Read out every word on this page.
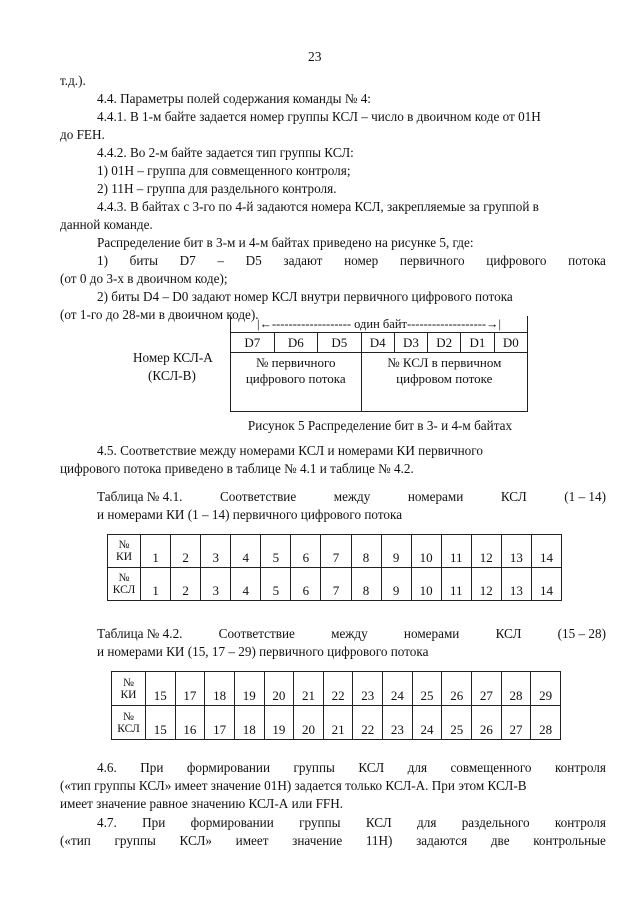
23
т.д.).
4.4. Параметры полей содержания команды № 4:
4.4.1. В 1-м байте задается номер группы КСЛ – число в двоичном коде от 01Н
до FEH.
4.4.2. Во 2-м байте задается тип группы КСЛ:
1) 01Н – группа для совмещенного контроля;
2) 11Н – группа для раздельного контроля.
4.4.3. В байтах с 3-го по 4-й задаются номера КСЛ, закрепляемые за группой в
данной команде.
Распределение бит в 3-м и 4-м байтах приведено на рисунке 5, где:
1) биты D7 – D5 задают номер первичного цифрового потока
(от 0 до 3-х в двоичном коде);
2) биты D4 – D0 задают номер КСЛ внутри первичного цифрового потока
(от 1-го до 28-ми в двоичном коде).
Номер КСЛ-А
(КСЛ-В)
|←------------------- один байт-------------------→|							
D7	D6	D5	D4	D3	D2	D1	D0
№ первичного цифрового потока			№ КСЛ в первичном цифровом потоке				
Рисунок 5 Распределение бит в 3- и 4-м байтах
4.5. Соответствие между номерами КСЛ и номерами КИ первичного
цифрового потока приведено в таблице № 4.1 и таблице № 4.2.
Таблица № 4.1.	Соответствие	между	номерами	КСЛ	(1 – 14)
и номерами КИ (1 – 14) первичного цифрового потока
№
КИ	1	2	3	4	5	6	7	8	9	10	11	12	13	14
№
КСЛ	1	2	3	4	5	6	7	8	9	10	11	12	13	14
Таблица № 4.2.	Соответствие	между	номерами	КСЛ	(15 – 28)
и номерами КИ (15, 17 – 29) первичного цифрового потока
№
КИ	15	17	18	19	20	21	22	23	24	25	26	27	28	29
№
КСЛ	15	16	17	18	19	20	21	22	23	24	25	26	27	28
4.6. При формировании группы КСЛ для совмещенного контроля
(«тип группы КСЛ» имеет значение 01Н) задается только КСЛ-А. При этом КСЛ-В
имеет значение равное значению КСЛ-А или FFH.
4.7. При формировании группы КСЛ для раздельного контроля
(«тип группы КСЛ» имеет значение 11Н) задаются две контрольные
